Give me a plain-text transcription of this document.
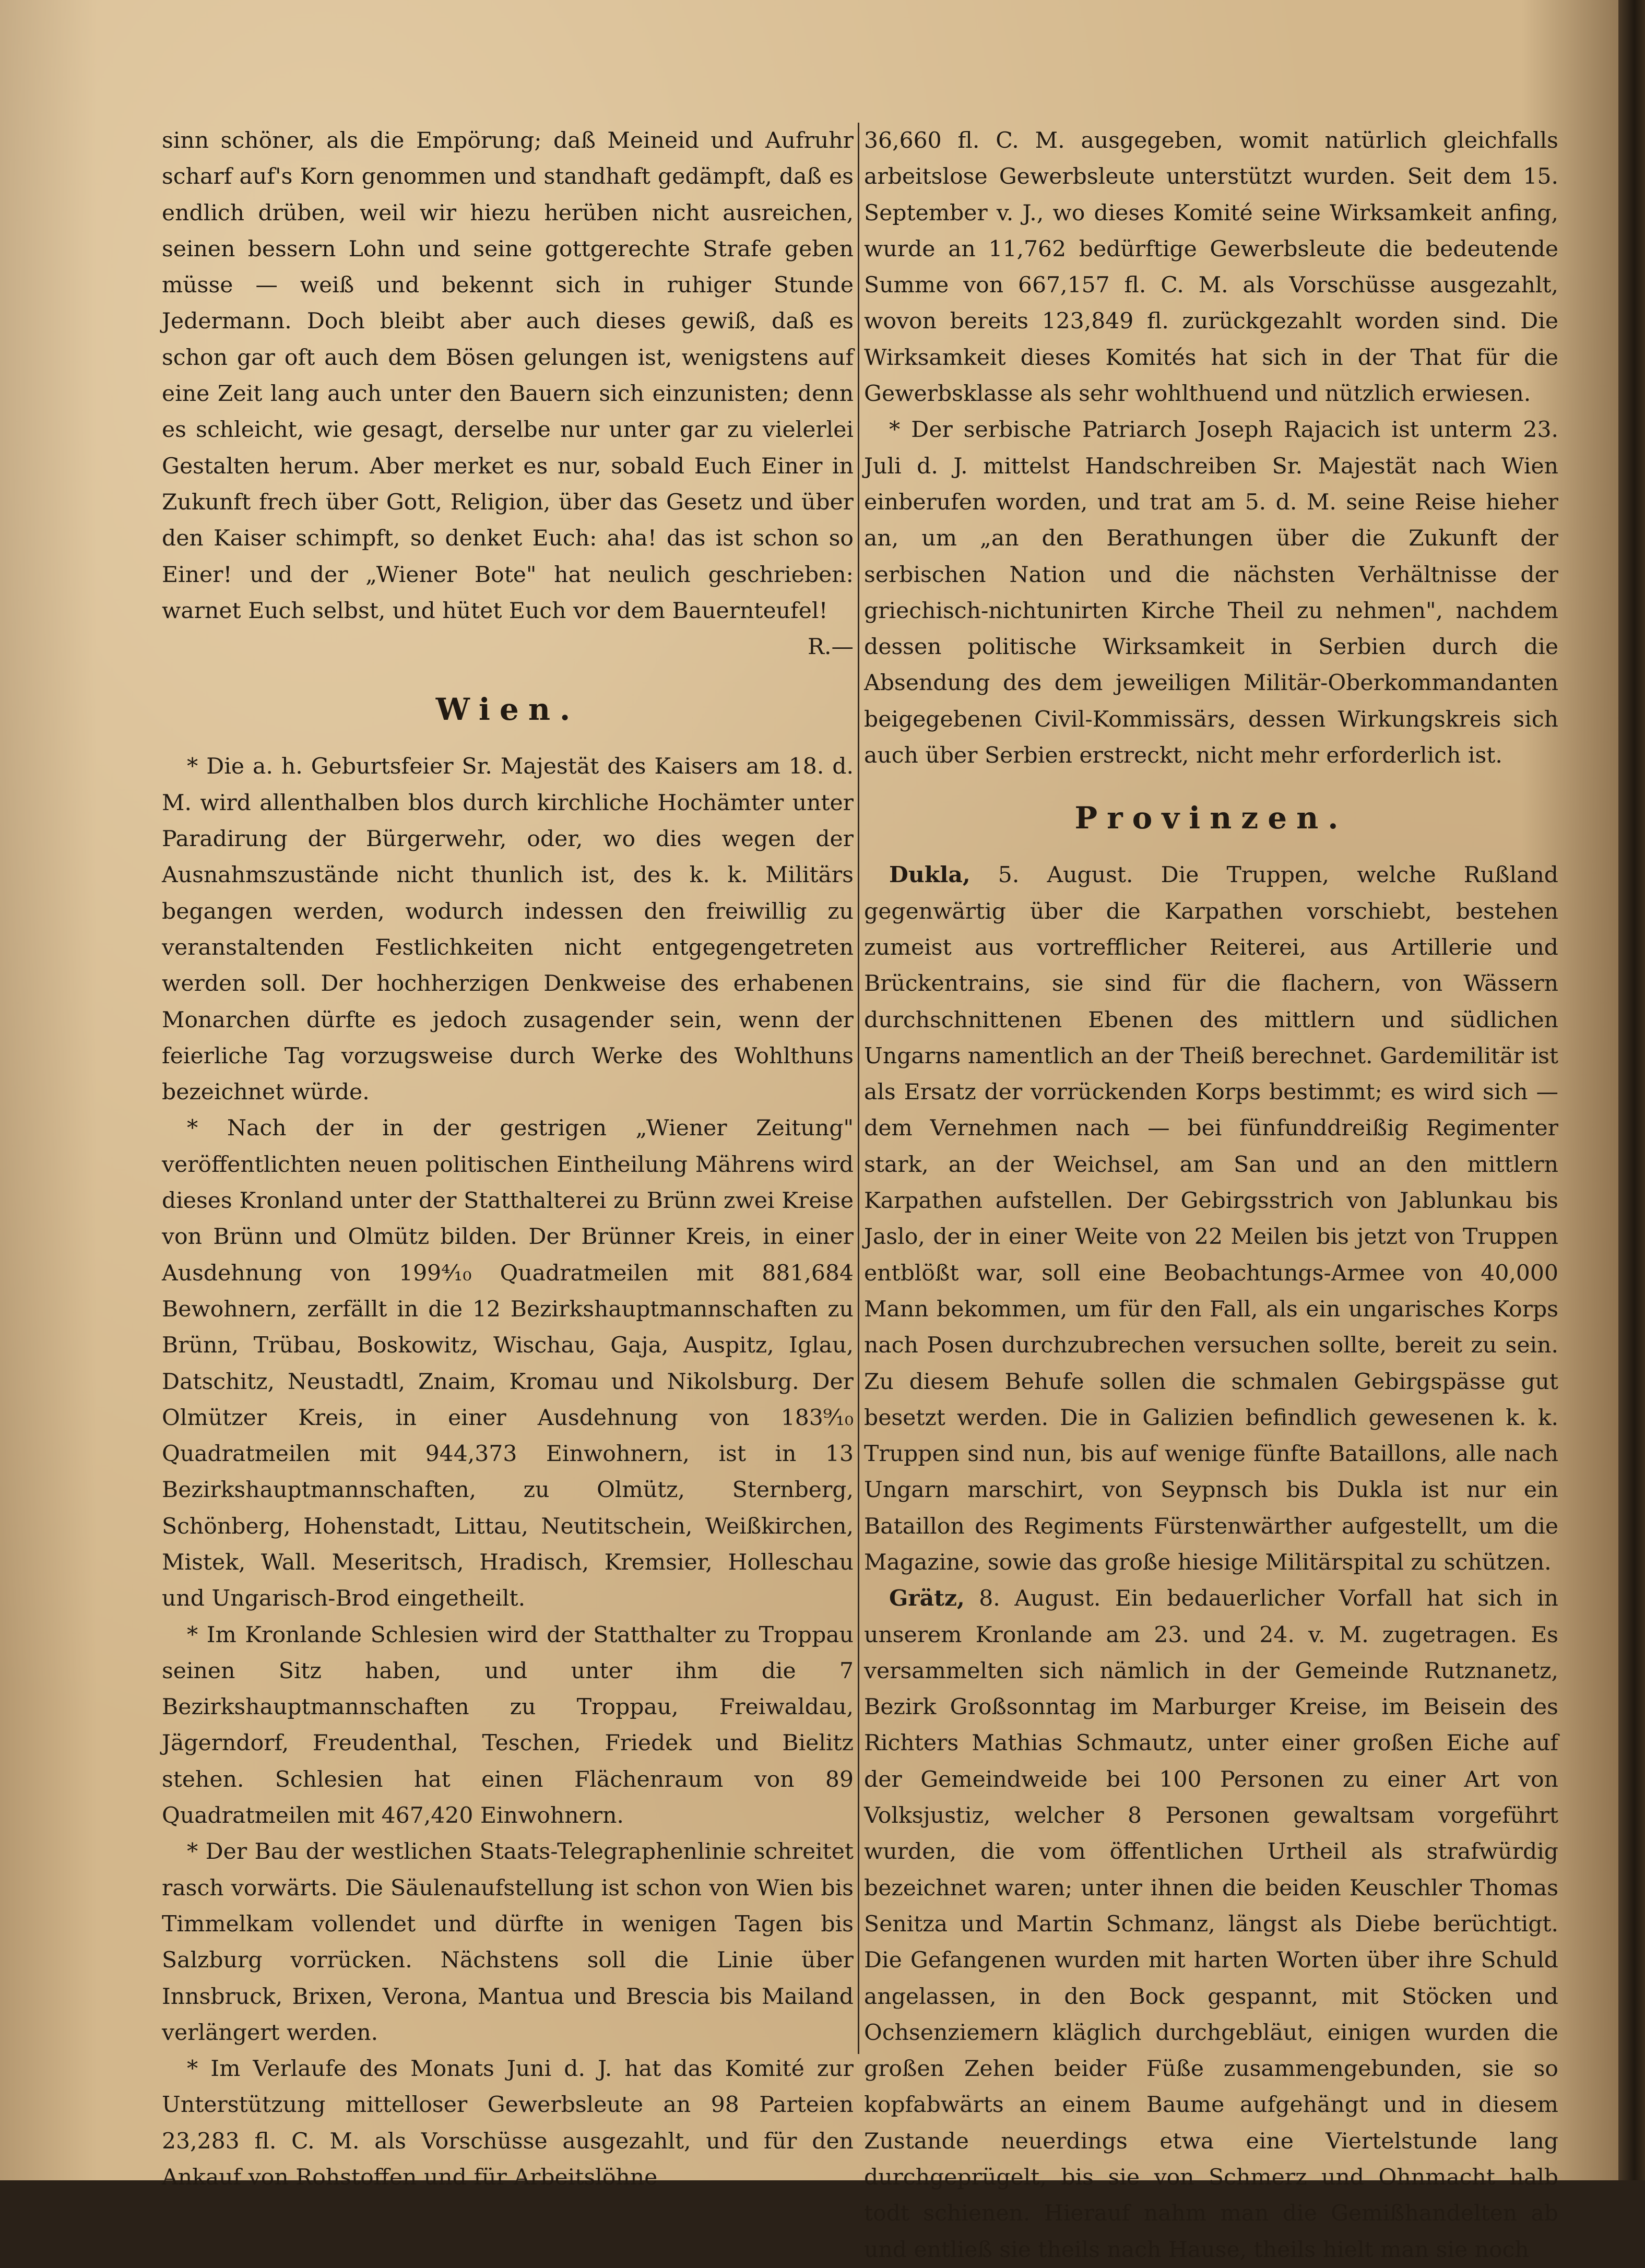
sinn schöner, als die Empörung; daß Meineid und Aufruhr scharf auf's Korn genommen und standhaft gedämpft, daß es endlich drüben, weil wir hiezu herüben nicht ausreichen, seinen bessern Lohn und seine gottgerechte Strafe geben müsse — weiß und bekennt sich in ruhiger Stunde Jedermann. Doch bleibt aber auch dieses gewiß, daß es schon gar oft auch dem Bösen gelungen ist, wenigstens auf eine Zeit lang auch unter den Bauern sich einzunisten; denn es schleicht, wie gesagt, derselbe nur unter gar zu vielerlei Gestalten herum. Aber merket es nur, sobald Euch Einer in Zukunft frech über Gott, Religion, über das Gesetz und über den Kaiser schimpft, so denket Euch: aha! das ist schon so Einer! und der „Wiener Bote" hat neulich geschrieben: warnet Euch selbst, und hütet Euch vor dem Bauernteufel!

R.—
Wien.

* Die a. h. Geburtsfeier Sr. Majestät des Kaisers am 18. d. M. wird allenthalben blos durch kirchliche Hochämter unter Paradirung der Bürgerwehr, oder, wo dies wegen der Ausnahmszustände nicht thunlich ist, des k. k. Militärs begangen werden, wodurch indessen den freiwillig zu veranstaltenden Festlichkeiten nicht entgegengetreten werden soll. Der hochherzigen Denkweise des erhabenen Monarchen dürfte es jedoch zusagender sein, wenn der feierliche Tag vorzugsweise durch Werke des Wohlthuns bezeichnet würde.

* Nach der in der gestrigen „Wiener Zeitung" veröffentlichten neuen politischen Eintheilung Mährens wird dieses Kronland unter der Statthalterei zu Brünn zwei Kreise von Brünn und Olmütz bilden. Der Brünner Kreis, in einer Ausdehnung von 199⁴⁄₁₀ Quadratmeilen mit 881,684 Bewohnern, zerfällt in die 12 Bezirkshauptmannschaften zu Brünn, Trübau, Boskowitz, Wischau, Gaja, Auspitz, Iglau, Datschitz, Neustadtl, Znaim, Kromau und Nikolsburg. Der Olmützer Kreis, in einer Ausdehnung von 183⁹⁄₁₀ Quadratmeilen mit 944,373 Einwohnern, ist in 13 Bezirkshauptmannschaften, zu Olmütz, Sternberg, Schönberg, Hohenstadt, Littau, Neutitschein, Weißkirchen, Mistek, Wall. Meseritsch, Hradisch, Kremsier, Holleschau und Ungarisch-Brod eingetheilt.

* Im Kronlande Schlesien wird der Statthalter zu Troppau seinen Sitz haben, und unter ihm die 7 Bezirkshauptmannschaften zu Troppau, Freiwaldau, Jägerndorf, Freudenthal, Teschen, Friedek und Bielitz stehen. Schlesien hat einen Flächenraum von 89 Quadratmeilen mit 467,420 Einwohnern.

* Der Bau der westlichen Staats-Telegraphenlinie schreitet rasch vorwärts. Die Säulenaufstellung ist schon von Wien bis Timmelkam vollendet und dürfte in wenigen Tagen bis Salzburg vorrücken. Nächstens soll die Linie über Innsbruck, Brixen, Verona, Mantua und Brescia bis Mailand verlängert werden.

* Im Verlaufe des Monats Juni d. J. hat das Komité zur Unterstützung mittelloser Gewerbsleute an 98 Parteien 23,283 fl. C. M. als Vorschüsse ausgezahlt, und für den Ankauf von Rohstoffen und für Arbeitslöhne

36,660 fl. C. M. ausgegeben, womit natürlich gleichfalls arbeitslose Gewerbsleute unterstützt wurden. Seit dem 15. September v. J., wo dieses Komité seine Wirksamkeit anfing, wurde an 11,762 bedürftige Gewerbsleute die bedeutende Summe von 667,157 fl. C. M. als Vorschüsse ausgezahlt, wovon bereits 123,849 fl. zurückgezahlt worden sind. Die Wirksamkeit dieses Komités hat sich in der That für die Gewerbsklasse als sehr wohlthuend und nützlich erwiesen.

* Der serbische Patriarch Joseph Rajacich ist unterm 23. Juli d. J. mittelst Handschreiben Sr. Majestät nach Wien einberufen worden, und trat am 5. d. M. seine Reise hieher an, um „an den Berathungen über die Zukunft der serbischen Nation und die nächsten Verhältnisse der griechisch-nichtunirten Kirche Theil zu nehmen", nachdem dessen politische Wirksamkeit in Serbien durch die Absendung des dem jeweiligen Militär-Oberkommandanten beigegebenen Civil-Kommissärs, dessen Wirkungskreis sich auch über Serbien erstreckt, nicht mehr erforderlich ist.

Provinzen.

Dukla, 5. August. Die Truppen, welche Rußland gegenwärtig über die Karpathen vorschiebt, bestehen zumeist aus vortrefflicher Reiterei, aus Artillerie und Brückentrains, sie sind für die flachern, von Wässern durchschnittenen Ebenen des mittlern und südlichen Ungarns namentlich an der Theiß berechnet. Gardemilitär ist als Ersatz der vorrückenden Korps bestimmt; es wird sich — dem Vernehmen nach — bei fünfunddreißig Regimenter stark, an der Weichsel, am San und an den mittlern Karpathen aufstellen. Der Gebirgsstrich von Jablunkau bis Jaslo, der in einer Weite von 22 Meilen bis jetzt von Truppen entblößt war, soll eine Beobachtungs-Armee von 40,000 Mann bekommen, um für den Fall, als ein ungarisches Korps nach Posen durchzubrechen versuchen sollte, bereit zu sein. Zu diesem Behufe sollen die schmalen Gebirgspässe gut besetzt werden. Die in Galizien befindlich gewesenen k. k. Truppen sind nun, bis auf wenige fünfte Bataillons, alle nach Ungarn marschirt, von Seypnsch bis Dukla ist nur ein Bataillon des Regiments Fürstenwärther aufgestellt, um die Magazine, sowie das große hiesige Militärspital zu schützen.

Grätz, 8. August. Ein bedauerlicher Vorfall hat sich in unserem Kronlande am 23. und 24. v. M. zugetragen. Es versammelten sich nämlich in der Gemeinde Rutznanetz, Bezirk Großsonntag im Marburger Kreise, im Beisein des Richters Mathias Schmautz, unter einer großen Eiche auf der Gemeindweide bei 100 Personen zu einer Art von Volksjustiz, welcher 8 Personen gewaltsam vorgeführt wurden, die vom öffentlichen Urtheil als strafwürdig bezeichnet waren; unter ihnen die beiden Keuschler Thomas Senitza und Martin Schmanz, längst als Diebe berüchtigt. Die Gefangenen wurden mit harten Worten über ihre Schuld angelassen, in den Bock gespannt, mit Stöcken und Ochsenziemern kläglich durchgebläut, einigen wurden die großen Zehen beider Füße zusammengebunden, sie so kopfabwärts an einem Baume aufgehängt und in diesem Zustande neuerdings etwa eine Viertelstunde lang durchgeprügelt, bis sie von Schmerz und Ohnmacht halb todt schienen. Hierauf nahm man die Gemißhandelten ab und entließ sie theils nach Hause, theils hielt man sie noch
